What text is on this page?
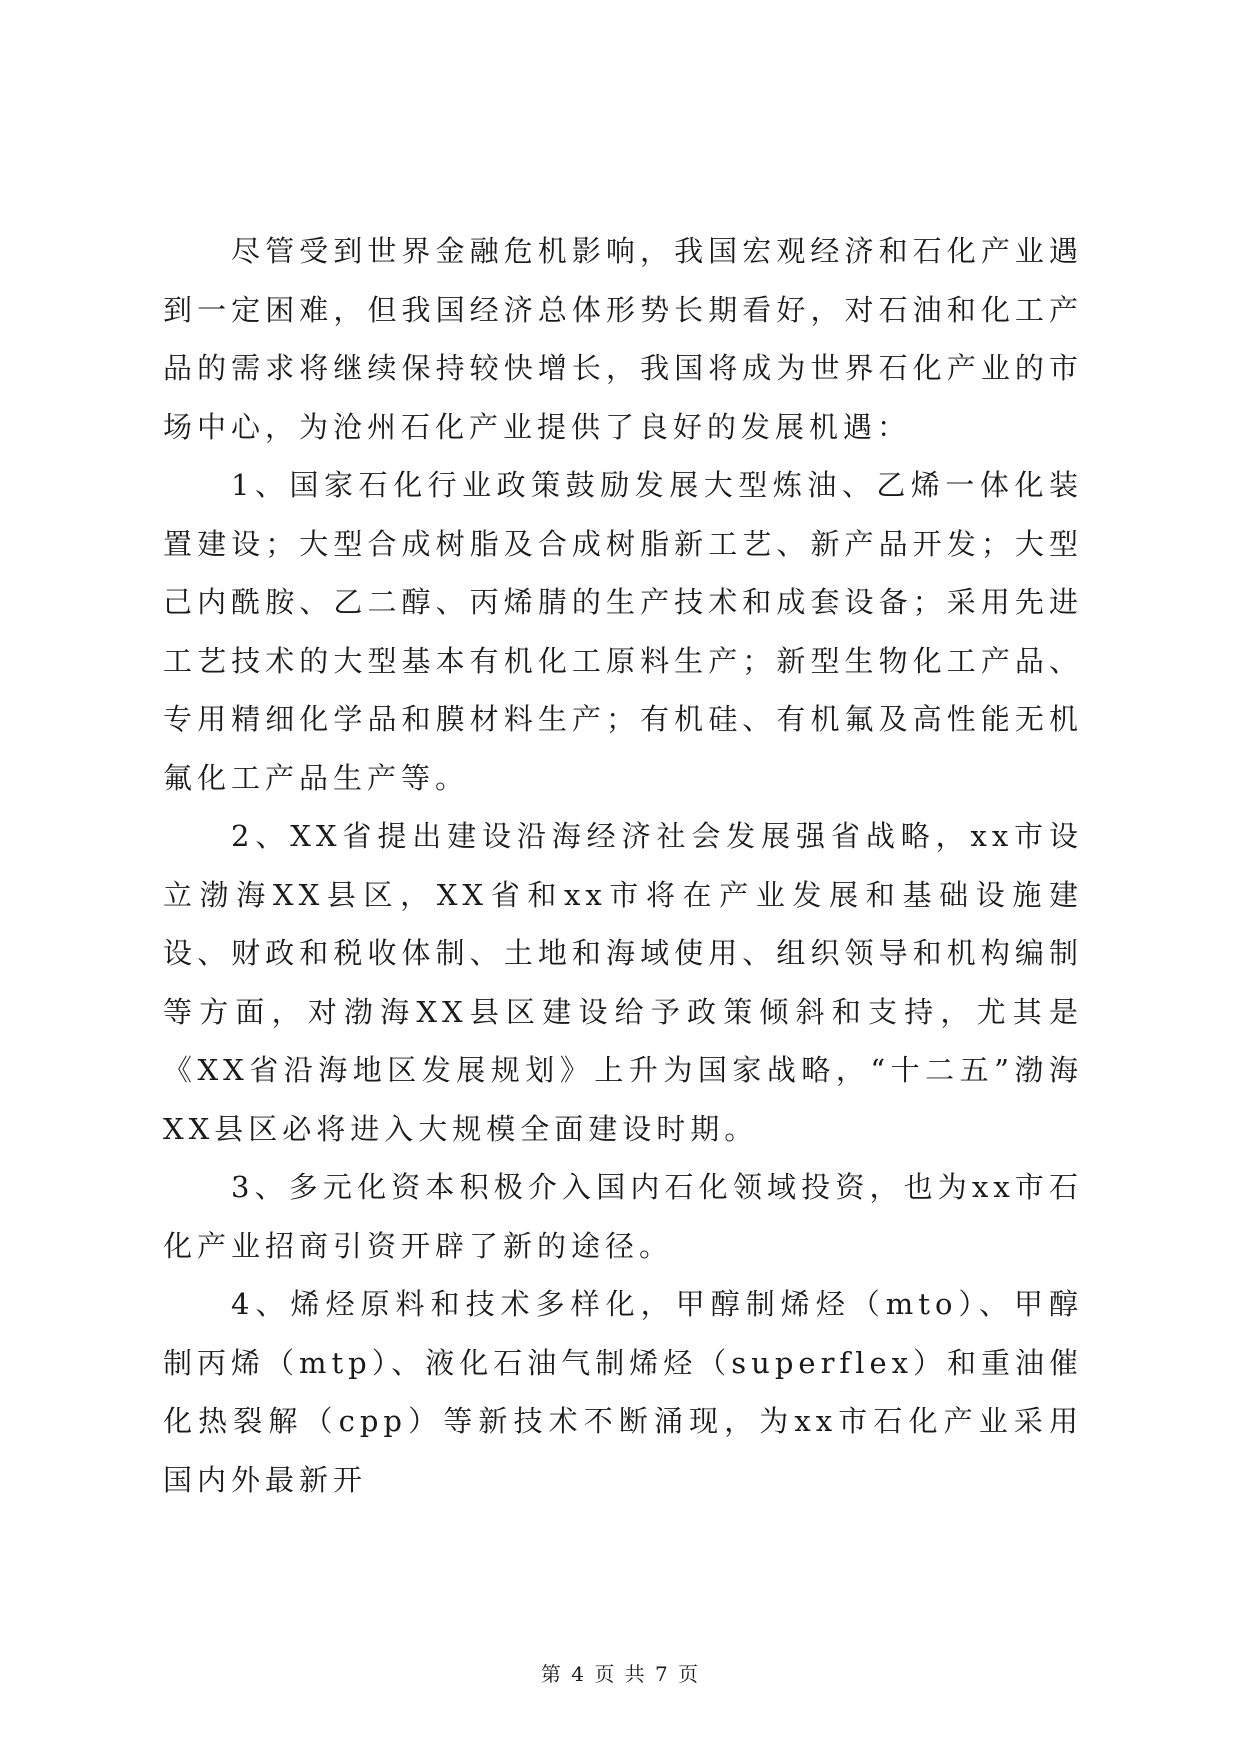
尽管受到世界金融危机影响，我国宏观经济和石化产业遇到一定困难，但我国经济总体形势长期看好，对石油和化工产品的需求将继续保持较快增长，我国将成为世界石化产业的市场中心，为沧州石化产业提供了良好的发展机遇：

1、国家石化行业政策鼓励发展大型炼油、乙烯一体化装置建设；大型合成树脂及合成树脂新工艺、新产品开发；大型己内酰胺、乙二醇、丙烯腈的生产技术和成套设备；采用先进工艺技术的大型基本有机化工原料生产；新型生物化工产品、专用精细化学品和膜材料生产；有机硅、有机氟及高性能无机氟化工产品生产等。

2、XX省提出建设沿海经济社会发展强省战略，xx市设立渤海XX县区，XX省和xx市将在产业发展和基础设施建设、财政和税收体制、土地和海域使用、组织领导和机构编制等方面，对渤海XX县区建设给予政策倾斜和支持，尤其是《XX省沿海地区发展规划》上升为国家战略，“十二五”渤海XX县区必将进入大规模全面建设时期。

3、多元化资本积极介入国内石化领域投资，也为xx市石化产业招商引资开辟了新的途径。

4、烯烃原料和技术多样化，甲醇制烯烃（mto）、甲醇制丙烯（mtp）、液化石油气制烯烃（superflex）和重油催化热裂解（cpp）等新技术不断涌现，为xx市石化产业采用国内外最新开

第 4 页 共 7 页
